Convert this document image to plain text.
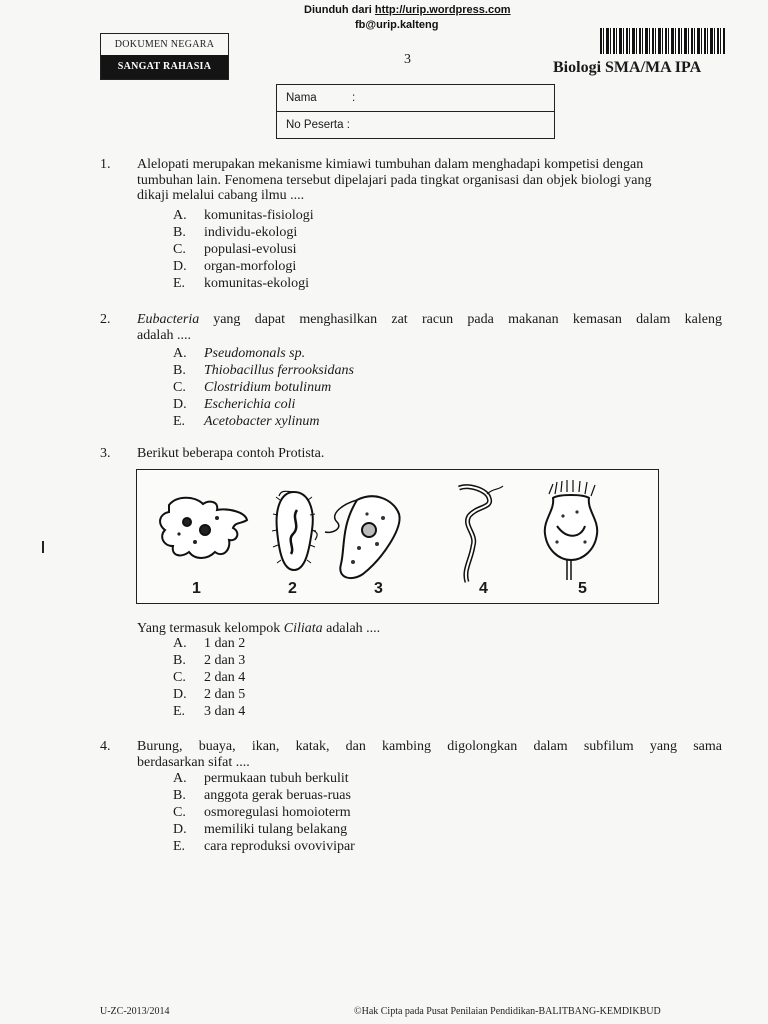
Diunduh dari http://urip.wordpress.com
fb@urip.kalteng
DOKUMEN NEGARA
SANGAT RAHASIA	3	Biologi SMA/MA IPA
Nama	:
No Peserta :
1. Alelopati merupakan mekanisme kimiawi tumbuhan dalam menghadapi kompetisi dengan
tumbuhan lain. Fenomena tersebut dipelajari pada tingkat organisasi dan objek biologi yang
dikaji melalui cabang ilmu ....
A. komunitas-fisiologi
B. individu-ekologi
C. populasi-evolusi
D. organ-morfologi
E. komunitas-ekologi
2. Eubacteria	yang dapat menghasilkan zat racun pada makanan kemasan dalam kaleng
adalah ....
A. Pseudomonals sp.
B. Thiobacillus ferrooksidans
C. Clostridium botulinum
D. Escherichia coli
E. Acetobacter xylinum
3. Berikut beberapa contoh Protista.
1	2	3	4	5
Yang termasuk kelompok Ciliata adalah ....
A. 1 dan 2
B. 2 dan 3
C. 2 dan 4
D. 2 dan 5
E. 3 dan 4
4. Burung, buaya, ikan, katak, dan kambing digolongkan dalam subfilum yang sama
berdasarkan sifat ....
A. permukaan tubuh berkulit
B. anggota gerak beruas-ruas
C. osmoregulasi homoioterm
D. memiliki tulang belakang
E. cara reproduksi ovovivipar
U-ZC-2013/2014	©Hak Cipta pada Pusat Penilaian Pendidikan-BALITBANG-KEMDIKBUD
